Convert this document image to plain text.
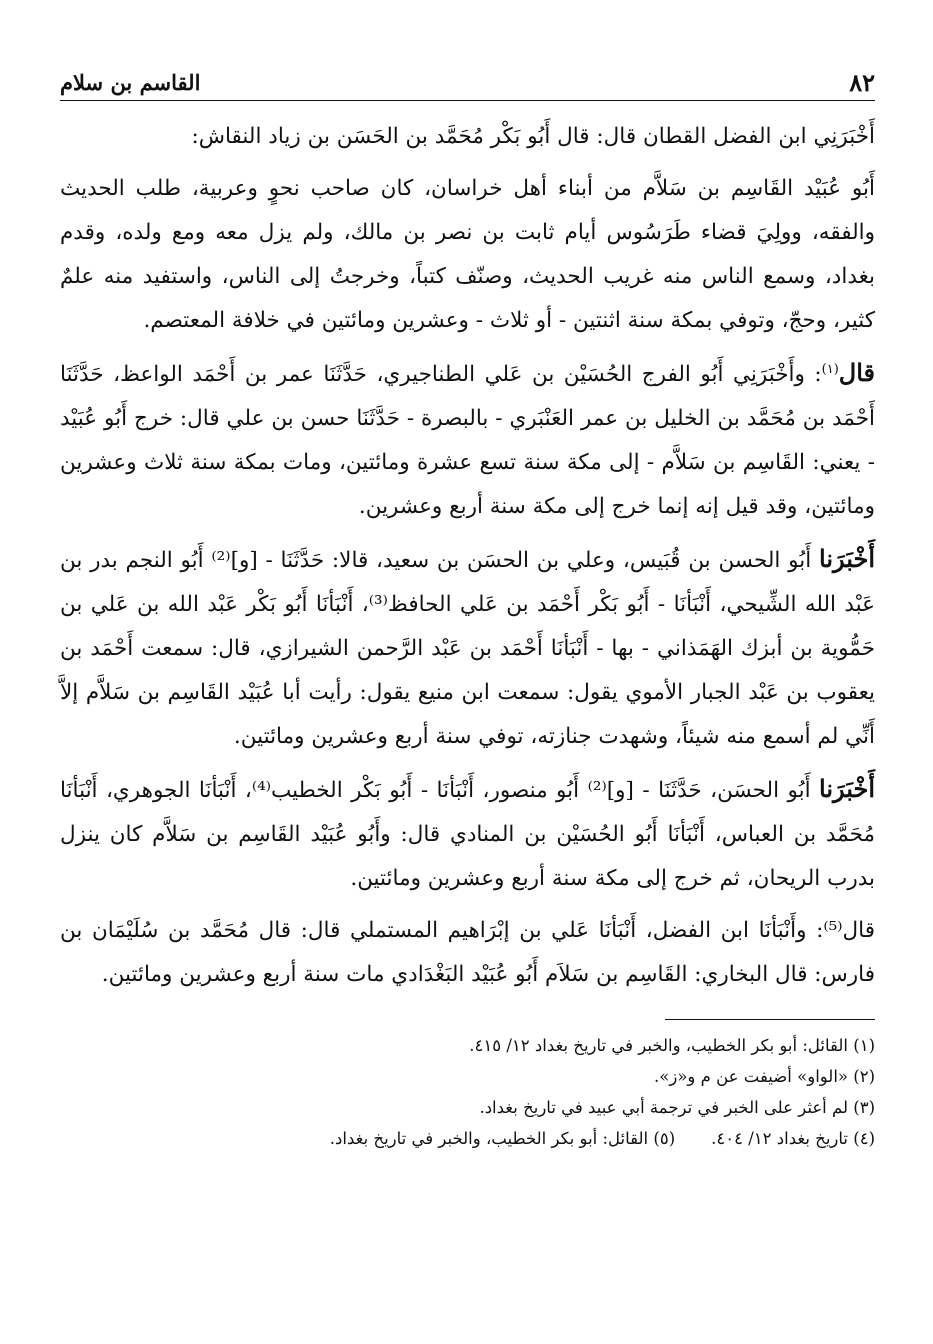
٨٢
القاسم بن سلام

أَخْبَرَنِي ابن الفضل القطان قال: قال أَبُو بَكْر مُحَمَّد بن الحَسَن بن زياد النقاش:

أَبُو عُبَيْد القَاسِم بن سَلاَّم من أبناء أهل خراسان، كان صاحب نحوٍ وعربية، طلب الحديث والفقه، وولِيَ قضاء طَرَسُوس أيام ثابت بن نصر بن مالك، ولم يزل معه ومع ولده، وقدم بغداد، وسمع الناس منه غريب الحديث، وصنّف كتباً، وخرجتُ إلى الناس، واستفيد منه علمٌ كثير، وحجّ، وتوفي بمكة سنة اثنتين - أو ثلاث - وعشرين ومائتين في خلافة المعتصم.

قال$^{(١)}$: وأَخْبَرَنِي أَبُو الفرج الحُسَيْن بن عَلي الطناجيري، حَدَّثَنَا عمر بن أَحْمَد الواعظ، حَدَّثَنَا أَحْمَد بن مُحَمَّد بن الخليل بن عمر العَنْبَري - بالبصرة - حَدَّثَنَا حسن بن علي قال: خرج أَبُو عُبَيْد - يعني: القَاسِم بن سَلاَّم - إلى مكة سنة تسع عشرة ومائتين، ومات بمكة سنة ثلاث وعشرين ومائتين، وقد قيل إنه إنما خرج إلى مكة سنة أربع وعشرين.

أَخْبَرَنا أَبُو الحسن بن قُبَيس، وعلي بن الحسَن بن سعيد، قالا: حَدَّثَنَا - [و]⁽²⁾ أَبُو النجم بدر بن عَبْد الله الشِّيحي، أَنْبَأنَا - أَبُو بَكْر أَحْمَد بن عَلي الحافظ⁽³⁾، أَنْبَأنَا أَبُو بَكْر عَبْد الله بن عَلي بن حَمُّوية بن أبزك الهَمَذاني - بها - أَنْبَأنَا أَحْمَد بن عَبْد الرَّحمن الشيرازي، قال: سمعت أَحْمَد بن يعقوب بن عَبْد الجبار الأموي يقول: سمعت ابن منيع يقول: رأيت أبا عُبَيْد القَاسِم بن سَلاَّم إلاَّ أَنِّي لم أسمع منه شيئاً، وشهدت جنازته، توفي سنة أربع وعشرين ومائتين.

أَخْبَرَنا أَبُو الحسَن، حَدَّثَنَا - [و]⁽²⁾ أَبُو منصور، أَنْبَأنَا - أَبُو بَكْر الخطيب⁽⁴⁾، أَنْبَأنَا الجوهري، أَنْبَأنَا مُحَمَّد بن العباس، أَنْبَأنَا أَبُو الحُسَيْن بن المنادي قال: وأَبُو عُبَيْد القَاسِم بن سَلاَّم كان ينزل بدرب الريحان، ثم خرج إلى مكة سنة أربع وعشرين ومائتين.

قال⁽⁵⁾: وأَنْبَأنَا ابن الفضل، أَنْبَأنَا عَلي بن إبْرَاهيم المستملي قال: قال مُحَمَّد بن سُلَيْمَان بن فارس: قال البخاري: القَاسِم بن سَلاَم أَبُو عُبَيْد البَغْدَادي مات سنة أربع وعشرين ومائتين.

(١) القائل: أبو بكر الخطيب، والخبر في تاريخ بغداد ١٢/ ٤١٥.
(٢) «الواو» أضيفت عن م و«ز».
(٣) لم أعثر على الخبر في ترجمة أبي عبيد في تاريخ بغداد.
(٤) تاريخ بغداد ١٢/ ٤٠٤.
(٥) القائل: أبو بكر الخطيب، والخبر في تاريخ بغداد.
